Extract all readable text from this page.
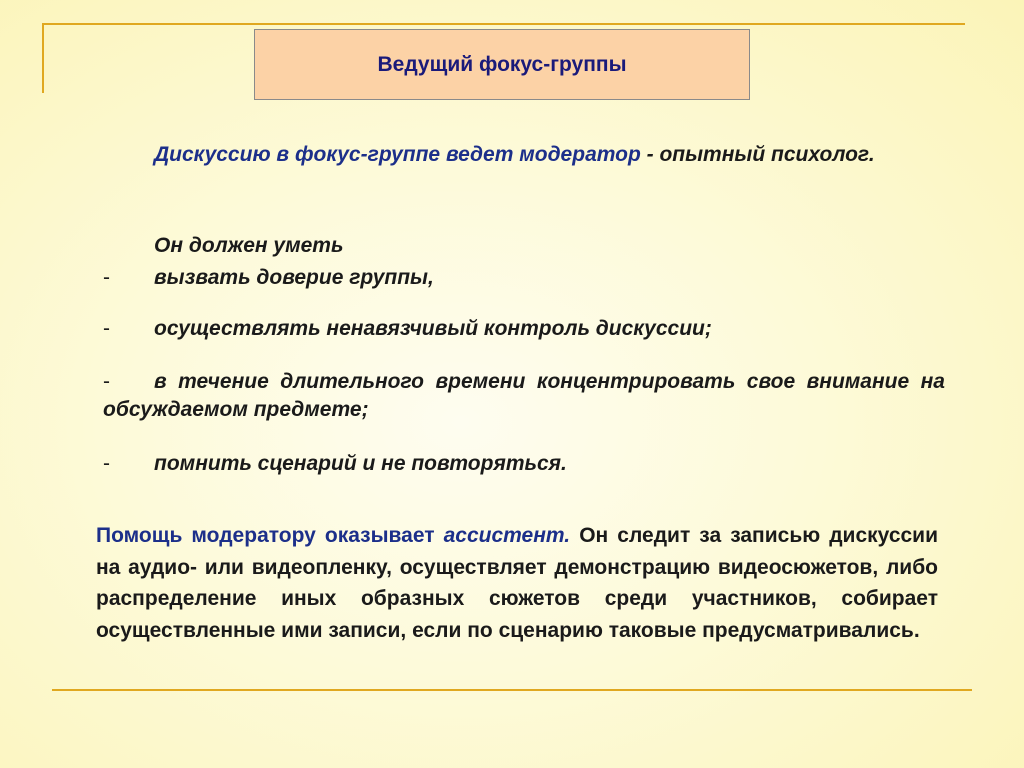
Ведущий фокус-группы

Дискуссию в фокус-группе ведет модератор - опытный психолог.

Он должен уметь

-	вызвать доверие группы,
-	осуществлять ненавязчивый контроль дискуссии;
-	в течение длительного времени концентрировать свое внимание на обсуждаемом предмете;
-	помнить сценарий и не повторяться.

Помощь модератору оказывает ассистент. Он следит за записью дискуссии на аудио- или видеопленку, осуществляет демонстрацию видеосюжетов, либо распределение иных образных сюжетов среди участников, собирает осуществленные ими записи, если по сценарию таковые предусматривались.
